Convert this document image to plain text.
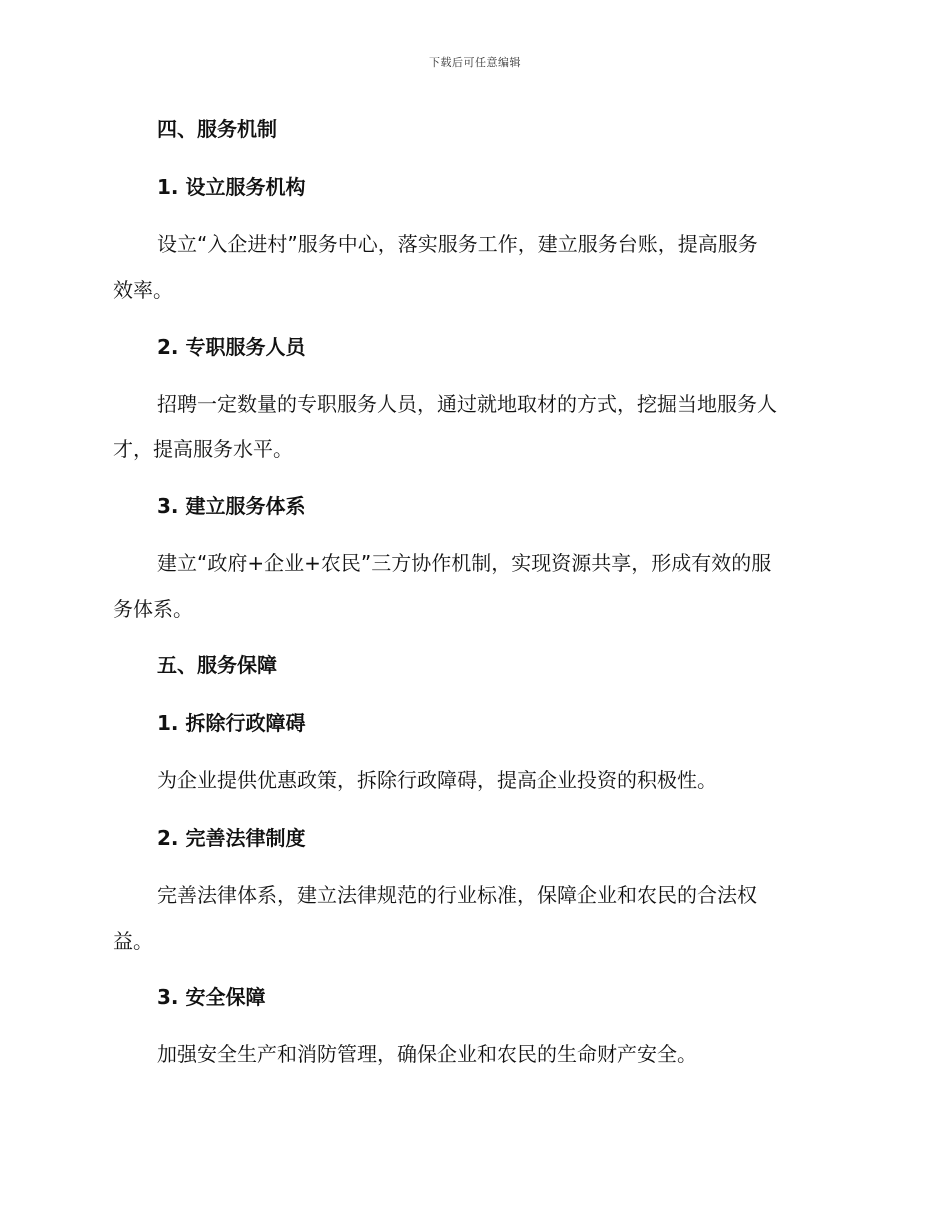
下载后可任意编辑
四、服务机制
1. 设立服务机构
设立“入企进村”服务中心，落实服务工作，建立服务台账，提高服务
效率。
2. 专职服务人员
招聘一定数量的专职服务人员，通过就地取材的方式，挖掘当地服务人
才，提高服务水平。
3. 建立服务体系
建立“政府+企业+农民”三方协作机制，实现资源共享，形成有效的服
务体系。
五、服务保障
1. 拆除行政障碍
为企业提供优惠政策，拆除行政障碍，提高企业投资的积极性。
2. 完善法律制度
完善法律体系，建立法律规范的行业标准，保障企业和农民的合法权
益。
3. 安全保障
加强安全生产和消防管理，确保企业和农民的生命财产安全。
